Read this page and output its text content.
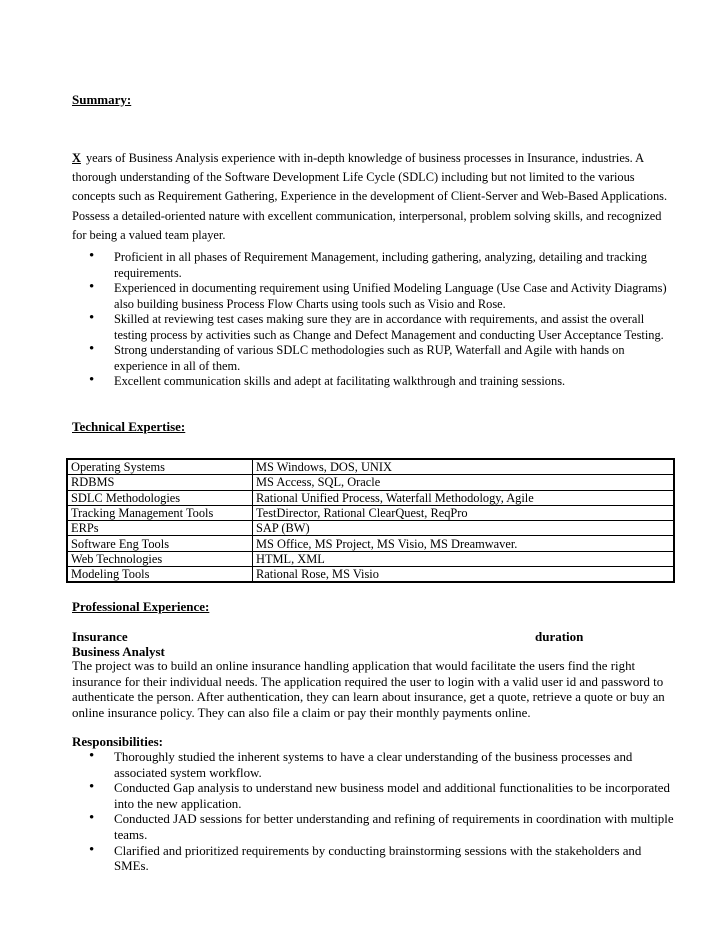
Summary:
X years of Business Analysis experience with in-depth knowledge of business processes in Insurance, industries. A thorough understanding of the Software Development Life Cycle (SDLC) including but not limited to the various concepts such as Requirement Gathering, Experience in the development of Client-Server and Web-Based Applications. Possess a detailed-oriented nature with excellent communication, interpersonal, problem solving skills, and recognized for being a valued team player.
• Proficient in all phases of Requirement Management, including gathering, analyzing, detailing and tracking requirements.
• Experienced in documenting requirement using Unified Modeling Language (Use Case and Activity Diagrams) also building business Process Flow Charts using tools such as Visio and Rose.
• Skilled at reviewing test cases making sure they are in accordance with requirements, and assist the overall testing process by activities such as Change and Defect Management and conducting User Acceptance Testing.
• Strong understanding of various SDLC methodologies such as RUP, Waterfall and Agile with hands on experience in all of them.
• Excellent communication skills and adept at facilitating walkthrough and training sessions.
Technical Expertise:
Operating Systems	MS Windows, DOS, UNIX
RDBMS	MS Access, SQL, Oracle
SDLC Methodologies	Rational Unified Process, Waterfall Methodology, Agile
Tracking Management Tools	TestDirector, Rational ClearQuest, ReqPro
ERPs	SAP (BW)
Software Eng Tools	MS Office, MS Project, MS Visio, MS Dreamwaver.
Web Technologies	HTML, XML
Modeling Tools	Rational Rose, MS Visio
Professional Experience:
Insurance	duration
Business Analyst
The project was to build an online insurance handling application that would facilitate the users find the right insurance for their individual needs. The application required the user to login with a valid user id and password to authenticate the person. After authentication, they can learn about insurance, get a quote, retrieve a quote or buy an online insurance policy. They can also file a claim or pay their monthly payments online.
Responsibilities:
• Thoroughly studied the inherent systems to have a clear understanding of the business processes and associated system workflow.
• Conducted Gap analysis to understand new business model and additional functionalities to be incorporated into the new application.
• Conducted JAD sessions for better understanding and refining of requirements in coordination with multiple teams.
• Clarified and prioritized requirements by conducting brainstorming sessions with the stakeholders and SMEs.
